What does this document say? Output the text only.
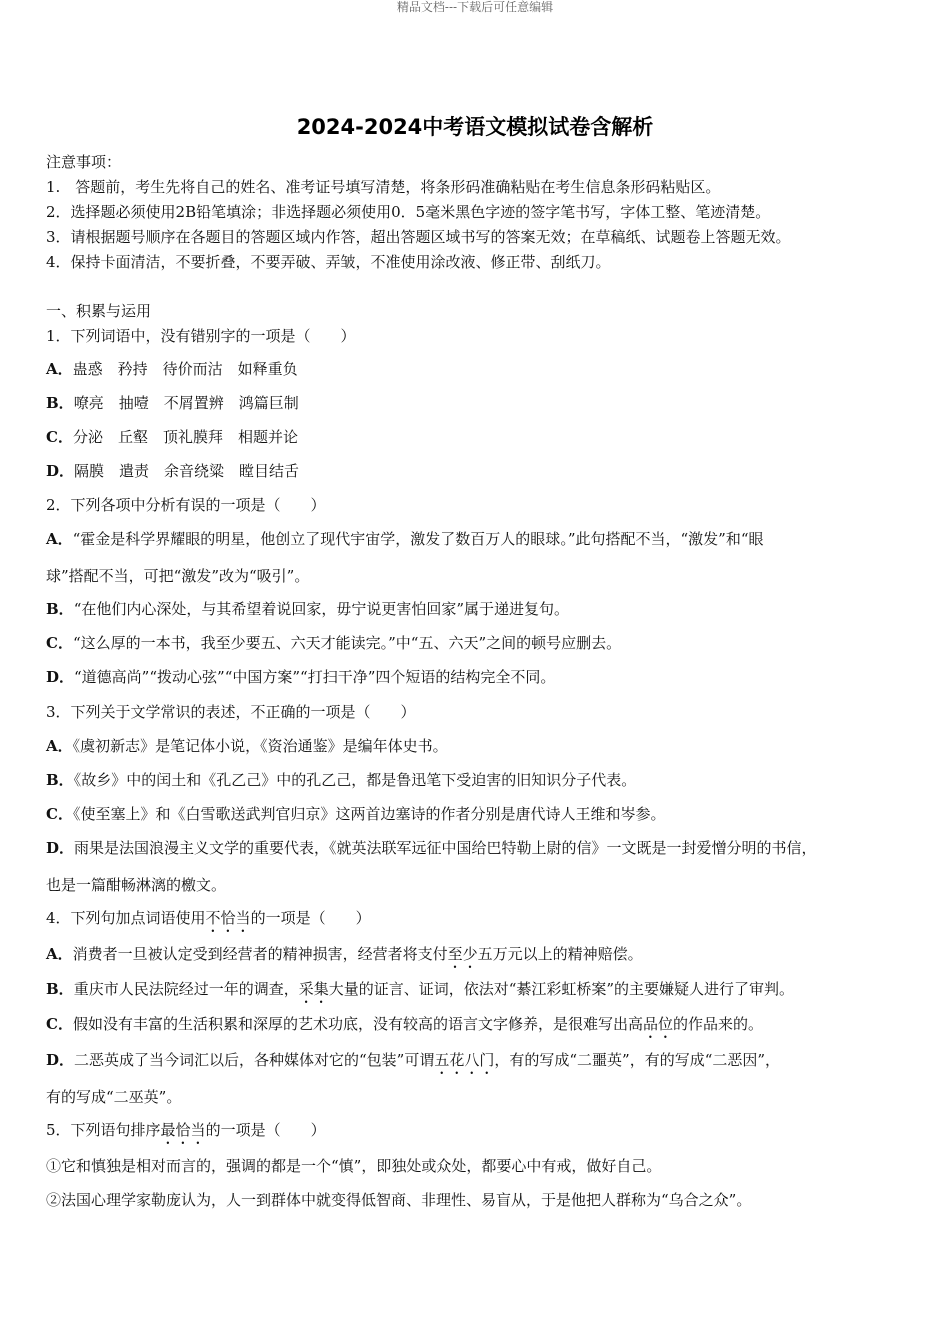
精品文档---下载后可任意编辑
2024-2024中考语文模拟试卷含解析
注意事项：
1.　答题前，考生先将自己的姓名、准考证号填写清楚，将条形码准确粘贴在考生信息条形码粘贴区。
2．选择题必须使用2B铅笔填涂；非选择题必须使用0．5毫米黑色字迹的签字笔书写，字体工整、笔迹清楚。
3．请根据题号顺序在各题目的答题区域内作答，超出答题区域书写的答案无效；在草稿纸、试题卷上答题无效。
4．保持卡面清洁，不要折叠，不要弄破、弄皱，不准使用涂改液、修正带、刮纸刀。
一、积累与运用
1．下列词语中，没有错别字的一项是（　　）
A．蛊惑　矜持　待价而沽　如释重负
B．嘹亮　抽噎　不屑置辨　鸿篇巨制
C．分泌　丘壑　顶礼膜拜　相题并论
D．隔膜　遣责　余音绕粱　瞠目结舌
2．下列各项中分析有误的一项是（　　）
A．“霍金是科学界耀眼的明星，他创立了现代宇宙学，激发了数百万人的眼球。”此句搭配不当，“激发”和“眼
球”搭配不当，可把“激发”改为“吸引”。
B．“在他们内心深处，与其希望着说回家，毋宁说更害怕回家”属于递进复句。
C．“这么厚的一本书，我至少要五、六天才能读完。”中“五、六天”之间的顿号应删去。
D．“道德高尚”“拨动心弦”“中国方案”“打扫干净”四个短语的结构完全不同。
3．下列关于文学常识的表述，不正确的一项是（　　）
A．《虞初新志》是笔记体小说，《资治通鉴》是编年体史书。
B．《故乡》中的闰土和《孔乙己》中的孔乙己，都是鲁迅笔下受迫害的旧知识分子代表。
C．《使至塞上》和《白雪歌送武判官归京》这两首边塞诗的作者分别是唐代诗人王维和岑参。
D．雨果是法国浪漫主义文学的重要代表，《就英法联军远征中国给巴特勒上尉的信》一文既是一封爱憎分明的书信，
也是一篇酣畅淋漓的檄文。
4．下列句加点词语使用不恰当的一项是（　　）
A．消费者一旦被认定受到经营者的精神损害，经营者将支付至少五万元以上的精神赔偿。
B．重庆市人民法院经过一年的调查，采集大量的证言、证词，依法对“綦江彩虹桥案”的主要嫌疑人进行了审判。
C．假如没有丰富的生活积累和深厚的艺术功底，没有较高的语言文字修养，是很难写出高品位的作品来的。
D．二恶英成了当今词汇以后，各种媒体对它的“包装”可谓五花八门，有的写成“二噩英”，有的写成“二恶因”，
有的写成“二巫英”。
5．下列语句排序最恰当的一项是（　　）
①它和慎独是相对而言的，强调的都是一个“慎”，即独处或众处，都要心中有戒，做好自己。
②法国心理学家勒庞认为，人一到群体中就变得低智商、非理性、易盲从，于是他把人群称为“乌合之众”。
